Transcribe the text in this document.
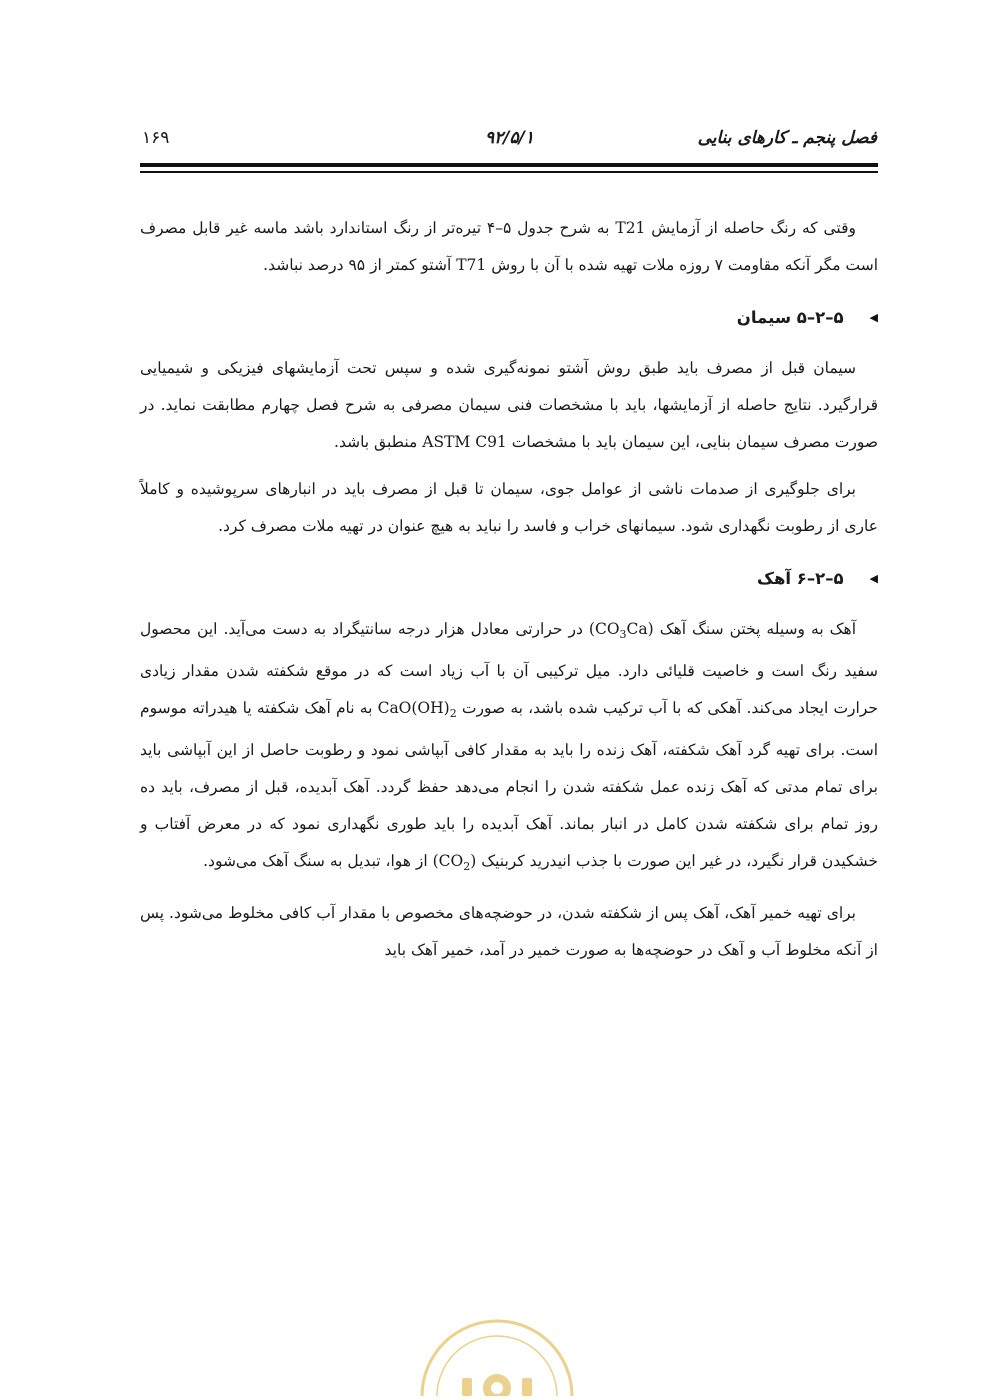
فصل پنجم ـ کارهای بنایی
۹۲/۵/۱
۱۶۹

وقتی که رنگ حاصله از آزمایش T21 به شرح جدول ۵–۴ تیره‌تر از رنگ استاندارد باشد ماسه غیر قابل مصرف است مگر آنکه مقاومت ۷ روزه ملات تهیه شده با آن با روش T71 آشتو کمتر از ۹۵ درصد نباشد.

◀
۵–۲–۵ سیمان

سیمان قبل از مصرف باید طبق روش آشتو نمونه‌گیری شده و سپس تحت آزمایشهای فیزیکی و شیمیایی قرارگیرد. نتایج حاصله از آزمایشها، باید با مشخصات فنی سیمان مصرفی به شرح فصل چهارم مطابقت نماید. در صورت مصرف سیمان بنایی، این سیمان باید با مشخصات ASTM C91 منطبق باشد.

برای جلوگیری از صدمات ناشی از عوامل جوی، سیمان تا قبل از مصرف باید در انبارهای سرپوشیده و کاملاً عاری از رطوبت نگهداری شود. سیمانهای خراب و فاسد را نباید به هیچ عنوان در تهیه ملات مصرف کرد.

◀
۵–۲–۶ آهک

آهک به وسیله پختن سنگ آهک $(CO_3Ca)$ در حرارتی معادل هزار درجه سانتیگراد به دست می‌آید. این محصول سفید رنگ است و خاصیت قلیائی دارد. میل ترکیبی آن با آب زیاد است که در موقع شکفته شدن مقدار زیادی حرارت ایجاد می‌کند. آهکی که با آب ترکیب شده باشد، به صورت $CaO(OH)_2$ به نام آهک شکفته یا هیدراته موسوم است. برای تهیه گرد آهک شکفته، آهک زنده را باید به مقدار کافی آبپاشی نمود و رطوبت حاصل از این آبپاشی باید برای تمام مدتی که آهک زنده عمل شکفته شدن را انجام می‌دهد حفظ گردد. آهک آبدیده، قبل از مصرف، باید ده روز تمام برای شکفته شدن کامل در انبار بماند. آهک آبدیده را باید طوری نگهداری نمود که در معرض آفتاب و خشکیدن قرار نگیرد، در غیر این صورت با جذب انیدرید کربنیک $(CO_2)$ از هوا، تبدیل به سنگ آهک می‌شود.

برای تهیه خمیر آهک، آهک پس از شکفته شدن، در حوضچه‌های مخصوص با مقدار آب کافی مخلوط می‌شود. پس از آنکه مخلوط آب و آهک در حوضچه‌ها به صورت خمیر در آمد، خمیر آهک باید
